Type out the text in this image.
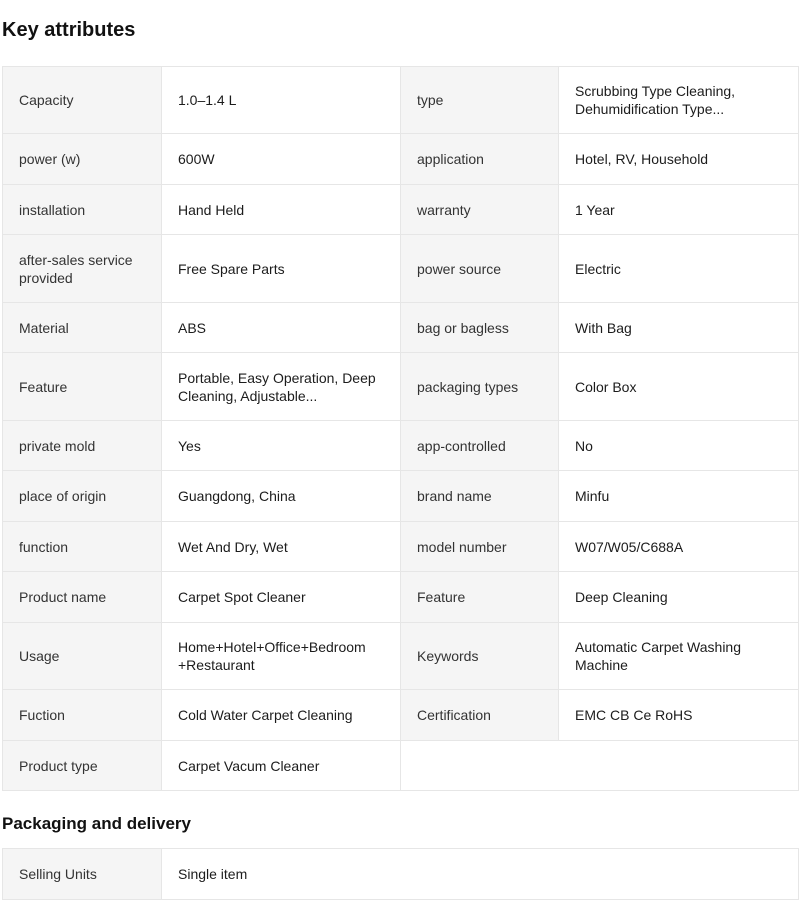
Key attributes
Capacity	1.0–1.4 L	type	Scrubbing Type Cleaning, Dehumidification Type...

power (w)	600W	application	Hotel, RV, Household

installation	Hand Held	warranty	1 Year

after-sales service provided	Free Spare Parts	power source	Electric

Material	ABS	bag or bagless	With Bag

Feature	Portable, Easy Operation, Deep Cleaning, Adjustable...	packaging types	Color Box

private mold	Yes	app-controlled	No

place of origin	Guangdong, China	brand name	Minfu

function	Wet And Dry, Wet	model number	W07/W05/C688A

Product name	Carpet Spot Cleaner	Feature	Deep Cleaning

Usage	Home+Hotel+Office+Bedroom +Restaurant	Keywords	Automatic Carpet Washing Machine

Fuction	Cold Water Carpet Cleaning	Certification	EMC CB Ce RoHS

Product type	Carpet Vacum Cleaner		

Packaging and delivery
Selling Units	Single item
